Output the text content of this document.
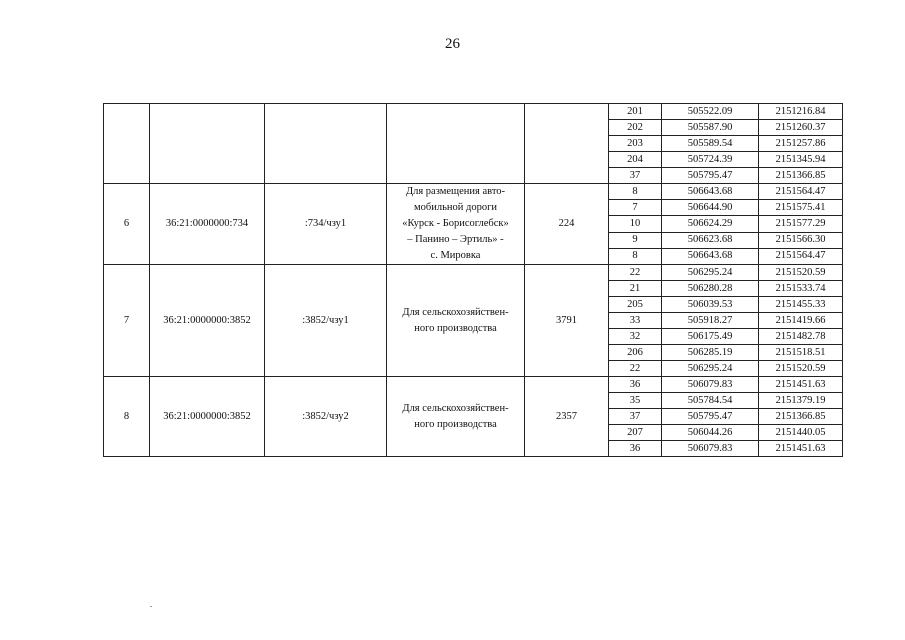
26
					201	505522.09	2151216.84
					202	505587.90	2151260.37
					203	505589.54	2151257.86
					204	505724.39	2151345.94
					37	505795.47	2151366.85
6	36:21:0000000:734	:734/чзу1	Для размещения авто-
мобильной дороги
«Курск - Борисоглебск»
– Панино – Эртиль» -
с. Мировка	224	8	506643.68	2151564.47
					7	506644.90	2151575.41
					10	506624.29	2151577.29
					9	506623.68	2151566.30
					8	506643.68	2151564.47
7	36:21:0000000:3852	:3852/чзу1	Для сельскохозяйствен-
ного производства	3791	22	506295.24	2151520.59
					21	506280.28	2151533.74
					205	506039.53	2151455.33
					33	505918.27	2151419.66
					32	506175.49	2151482.78
					206	506285.19	2151518.51
					22	506295.24	2151520.59
8	36:21:0000000:3852	:3852/чзу2	Для сельскохозяйствен-
ного производства	2357	36	506079.83	2151451.63
					35	505784.54	2151379.19
					37	505795.47	2151366.85
					207	506044.26	2151440.05
					36	506079.83	2151451.63
